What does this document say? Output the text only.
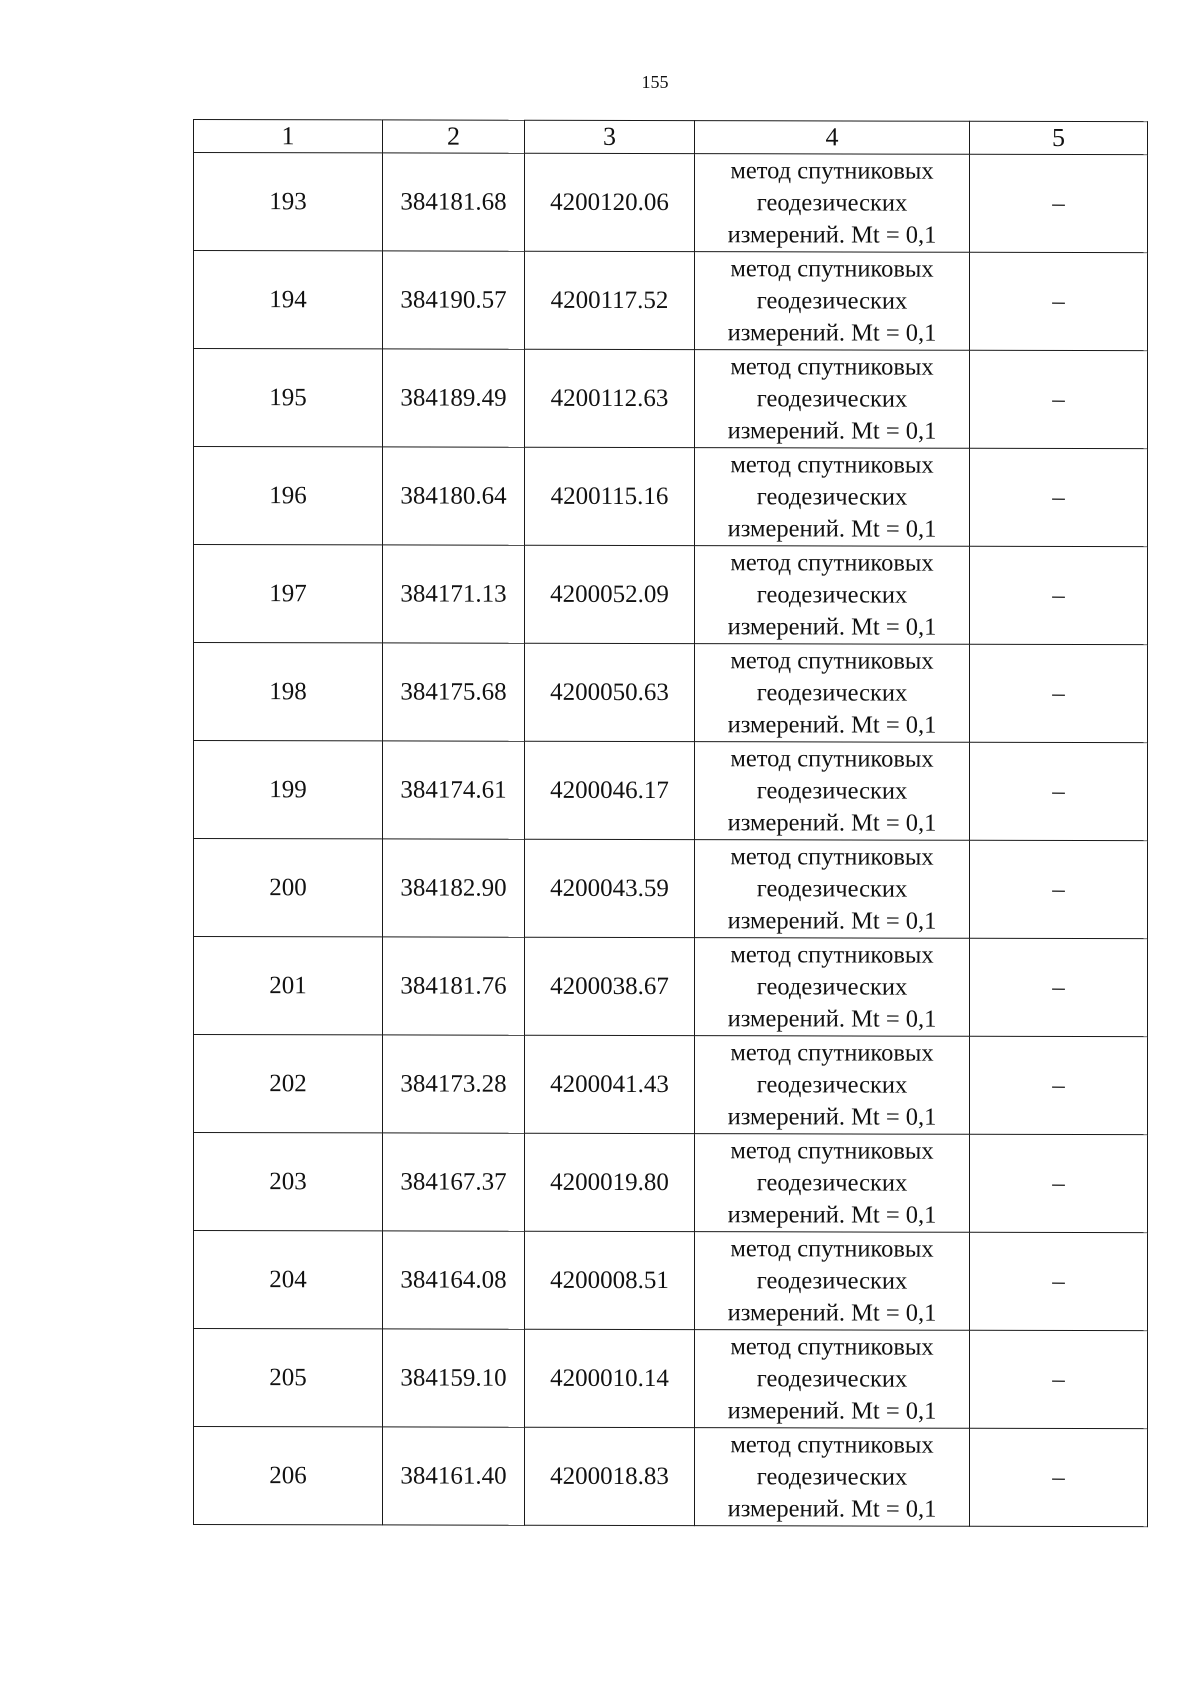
155
1	2	3	4	5
193	384181.68	4200120.06	метод спутниковых
геодезических
измерений. Mt = 0,1	–
194	384190.57	4200117.52	метод спутниковых
геодезических
измерений. Mt = 0,1	–
195	384189.49	4200112.63	метод спутниковых
геодезических
измерений. Mt = 0,1	–
196	384180.64	4200115.16	метод спутниковых
геодезических
измерений. Mt = 0,1	–
197	384171.13	4200052.09	метод спутниковых
геодезических
измерений. Mt = 0,1	–
198	384175.68	4200050.63	метод спутниковых
геодезических
измерений. Mt = 0,1	–
199	384174.61	4200046.17	метод спутниковых
геодезических
измерений. Mt = 0,1	–
200	384182.90	4200043.59	метод спутниковых
геодезических
измерений. Mt = 0,1	–
201	384181.76	4200038.67	метод спутниковых
геодезических
измерений. Mt = 0,1	–
202	384173.28	4200041.43	метод спутниковых
геодезических
измерений. Mt = 0,1	–
203	384167.37	4200019.80	метод спутниковых
геодезических
измерений. Mt = 0,1	–
204	384164.08	4200008.51	метод спутниковых
геодезических
измерений. Mt = 0,1	–
205	384159.10	4200010.14	метод спутниковых
геодезических
измерений. Mt = 0,1	–
206	384161.40	4200018.83	метод спутниковых
геодезических
измерений. Mt = 0,1	–
